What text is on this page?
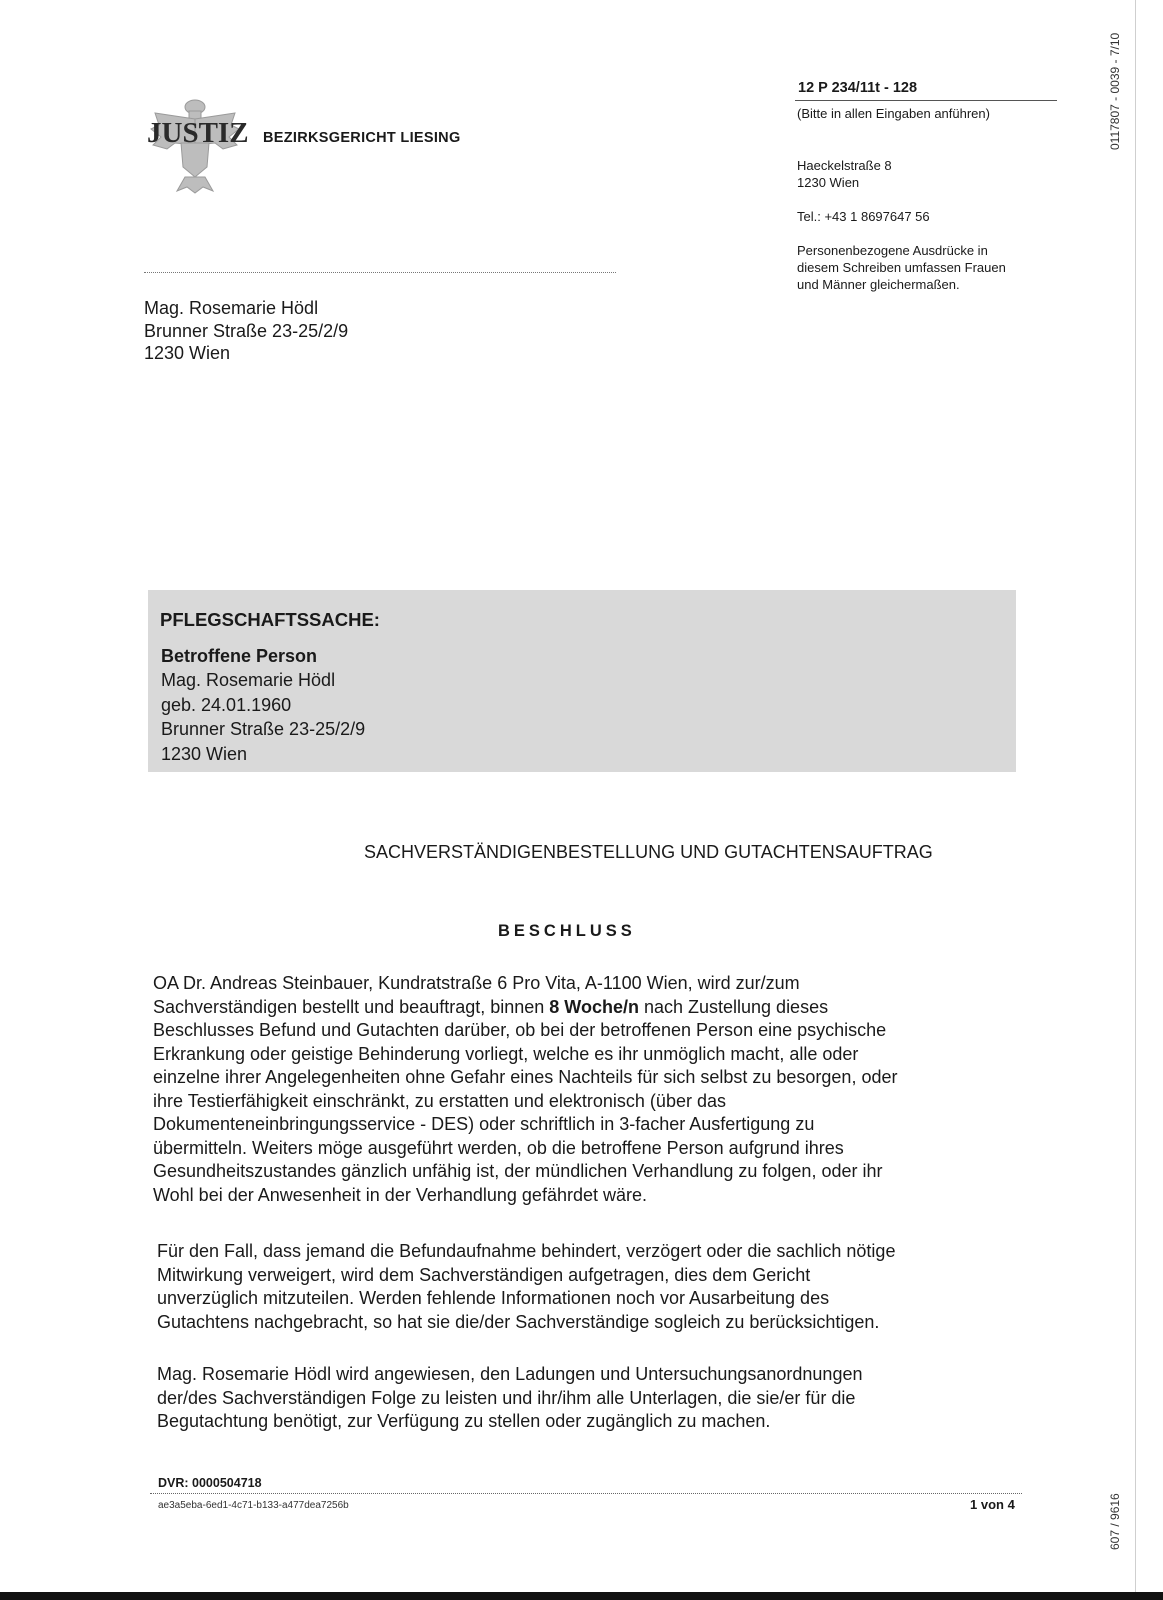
0117807 - 0039 - 7/10
607 / 9616
JUSTIZ BEZIRKSGERICHT LIESING
12 P 234/11t - 128
(Bitte in allen Eingaben anführen)
Haeckelstraße 8
1230 Wien
Tel.: +43 1 8697647 56
Personenbezogene Ausdrücke in
diesem Schreiben umfassen Frauen
und Männer gleichermaßen.
Mag. Rosemarie Hödl
Brunner Straße 23-25/2/9
1230 Wien
PFLEGSCHAFTSSACHE:
Betroffene Person
Mag. Rosemarie Hödl
geb. 24.01.1960
Brunner Straße 23-25/2/9
1230 Wien
SACHVERSTÄNDIGENBESTELLUNG UND GUTACHTENSAUFTRAG
BESCHLUSS
OA Dr. Andreas Steinbauer, Kundratstraße 6 Pro Vita, A-1100 Wien, wird zur/zum
Sachverständigen bestellt und beauftragt, binnen 8 Woche/n nach Zustellung dieses
Beschlusses Befund und Gutachten darüber, ob bei der betroffenen Person eine psychische
Erkrankung oder geistige Behinderung vorliegt, welche es ihr unmöglich macht, alle oder
einzelne ihrer Angelegenheiten ohne Gefahr eines Nachteils für sich selbst zu besorgen, oder
ihre Testierfähigkeit einschränkt, zu erstatten und elektronisch (über das
Dokumenteneinbringungsservice - DES) oder schriftlich in 3-facher Ausfertigung zu
übermitteln. Weiters möge ausgeführt werden, ob die betroffene Person aufgrund ihres
Gesundheitszustandes gänzlich unfähig ist, der mündlichen Verhandlung zu folgen, oder ihr
Wohl bei der Anwesenheit in der Verhandlung gefährdet wäre.
Für den Fall, dass jemand die Befundaufnahme behindert, verzögert oder die sachlich nötige
Mitwirkung verweigert, wird dem Sachverständigen aufgetragen, dies dem Gericht
unverzüglich mitzuteilen. Werden fehlende Informationen noch vor Ausarbeitung des
Gutachtens nachgebracht, so hat sie die/der Sachverständige sogleich zu berücksichtigen.
Mag. Rosemarie Hödl wird angewiesen, den Ladungen und Untersuchungsanordnungen
der/des Sachverständigen Folge zu leisten und ihr/ihm alle Unterlagen, die sie/er für die
Begutachtung benötigt, zur Verfügung zu stellen oder zugänglich zu machen.
DVR: 0000504718
ae3a5eba-6ed1-4c71-b133-a477dea7256b	1 von 4
